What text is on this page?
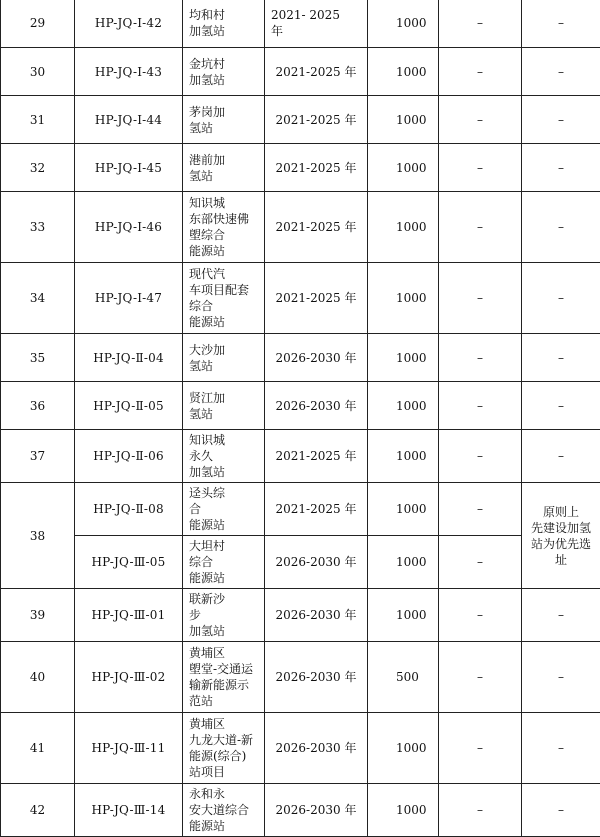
29	HP-JQ-Ⅰ-42	均和村
加氢站	2021- 2025
年	1000	–	–
30	HP-JQ-Ⅰ-43	金坑村
加氢站	2021-2025 年	1000	–	–
31	HP-JQ-Ⅰ-44	茅岗加
氢站	2021-2025 年	1000	–	–
32	HP-JQ-Ⅰ-45	港前加
氢站	2021-2025 年	1000	–	–
33	HP-JQ-Ⅰ-46	知识城
东部快速佛
塱综合
能源站	2021-2025 年	1000	–	–
34	HP-JQ-Ⅰ-47	现代汽
车项目配套
综合
能源站	2021-2025 年	1000	–	–
35	HP-JQ-Ⅱ-04	大沙加
氢站	2026-2030 年	1000	–	–
36	HP-JQ-Ⅱ-05	贤江加
氢站	2026-2030 年	1000	–	–
37	HP-JQ-Ⅱ-06	知识城
永久
加氢站	2021-2025 年	1000	–	–
38	HP-JQ-Ⅱ-08	迳头综
合
能源站	2021-2025 年	1000	–	原则上
先建设加氢
站为优先选
址

	HP-JQ-Ⅲ-05	大坦村
综合
能源站	2026-2030 年	1000	–	
39	HP-JQ-Ⅲ-01	联新沙
步
加氢站	2026-2030 年	1000	–	–
40	HP-JQ-Ⅲ-02	黄埔区
塱堂-交通运
输新能源示
范站	2026-2030 年	500	–	–
41	HP-JQ-Ⅲ-11	黄埔区
九龙大道-新
能源(综合)
站项目	2026-2030 年	1000	–	–
42	HP-JQ-Ⅲ-14	永和永
安大道综合
能源站	2026-2030 年	1000	–	–
